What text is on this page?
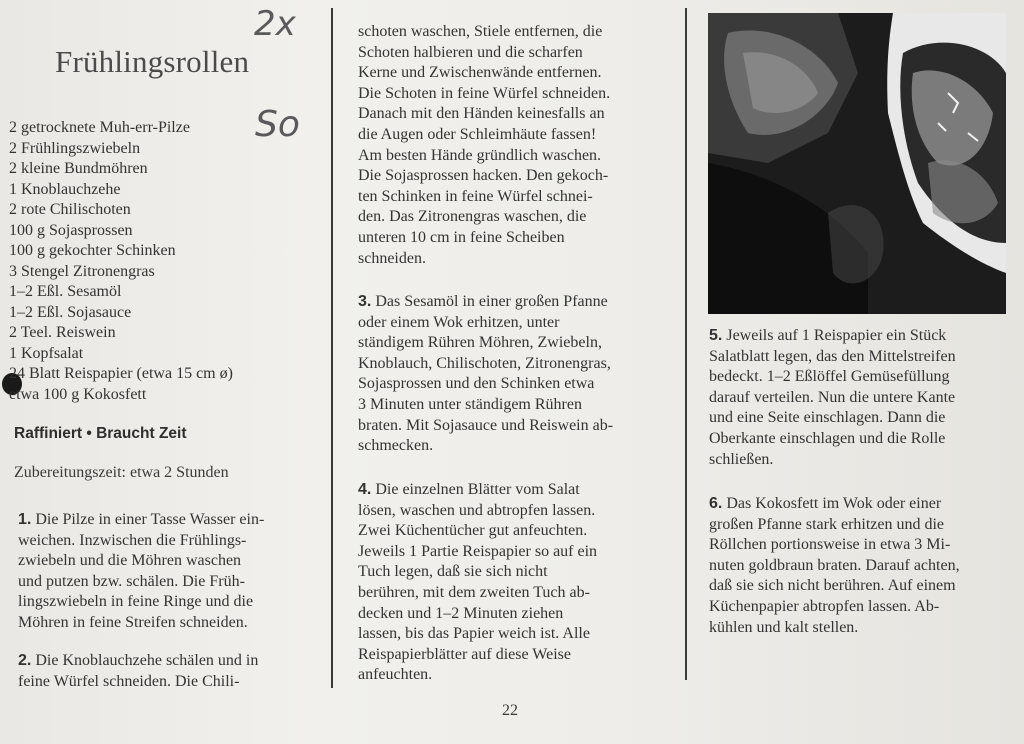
2x
So
Frühlingsrollen
2 getrocknete Muh-err-Pilze
2 Frühlingszwiebeln
2 kleine Bundmöhren
1 Knoblauchzehe
2 rote Chilischoten
100 g Sojasprossen
100 g gekochter Schinken
3 Stengel Zitronengras
1–2 Eßl. Sesamöl
1–2 Eßl. Sojasauce
2 Teel. Reiswein
1 Kopfsalat
24 Blatt Reispapier (etwa 15 cm ø)
etwa 100 g Kokosfett
Raffiniert • Braucht Zeit
Zubereitungszeit: etwa 2 Stunden
1. Die Pilze in einer Tasse Wasser ein-
weichen. Inzwischen die Frühlings-
zwiebeln und die Möhren waschen
und putzen bzw. schälen. Die Früh-
lingszwiebeln in feine Ringe und die
Möhren in feine Streifen schneiden.
2. Die Knoblauchzehe schälen und in
feine Würfel schneiden. Die Chili-
schoten waschen, Stiele entfernen, die
Schoten halbieren und die scharfen
Kerne und Zwischenwände entfernen.
Die Schoten in feine Würfel schneiden.
Danach mit den Händen keinesfalls an
die Augen oder Schleimhäute fassen!
Am besten Hände gründlich waschen.
Die Sojasprossen hacken. Den gekoch-
ten Schinken in feine Würfel schnei-
den. Das Zitronengras waschen, die
unteren 10 cm in feine Scheiben
schneiden.
3. Das Sesamöl in einer großen Pfanne
oder einem Wok erhitzen, unter
ständigem Rühren Möhren, Zwiebeln,
Knoblauch, Chilischoten, Zitronengras,
Sojasprossen und den Schinken etwa
3 Minuten unter ständigem Rühren
braten. Mit Sojasauce und Reiswein ab-
schmecken.
4. Die einzelnen Blätter vom Salat
lösen, waschen und abtropfen lassen.
Zwei Küchentücher gut anfeuchten.
Jeweils 1 Partie Reispapier so auf ein
Tuch legen, daß sie sich nicht
berühren, mit dem zweiten Tuch ab-
decken und 1–2 Minuten ziehen
lassen, bis das Papier weich ist. Alle
Reispapierblätter auf diese Weise
anfeuchten.
5. Jeweils auf 1 Reispapier ein Stück
Salatblatt legen, das den Mittelstreifen
bedeckt. 1–2 Eßlöffel Gemüsefüllung
darauf verteilen. Nun die untere Kante
und eine Seite einschlagen. Dann die
Oberkante einschlagen und die Rolle
schließen.
6. Das Kokosfett im Wok oder einer
großen Pfanne stark erhitzen und die
Röllchen portionsweise in etwa 3 Mi-
nuten goldbraun braten. Darauf achten,
daß sie sich nicht berühren. Auf einem
Küchenpapier abtropfen lassen. Ab-
kühlen und kalt stellen.
22
